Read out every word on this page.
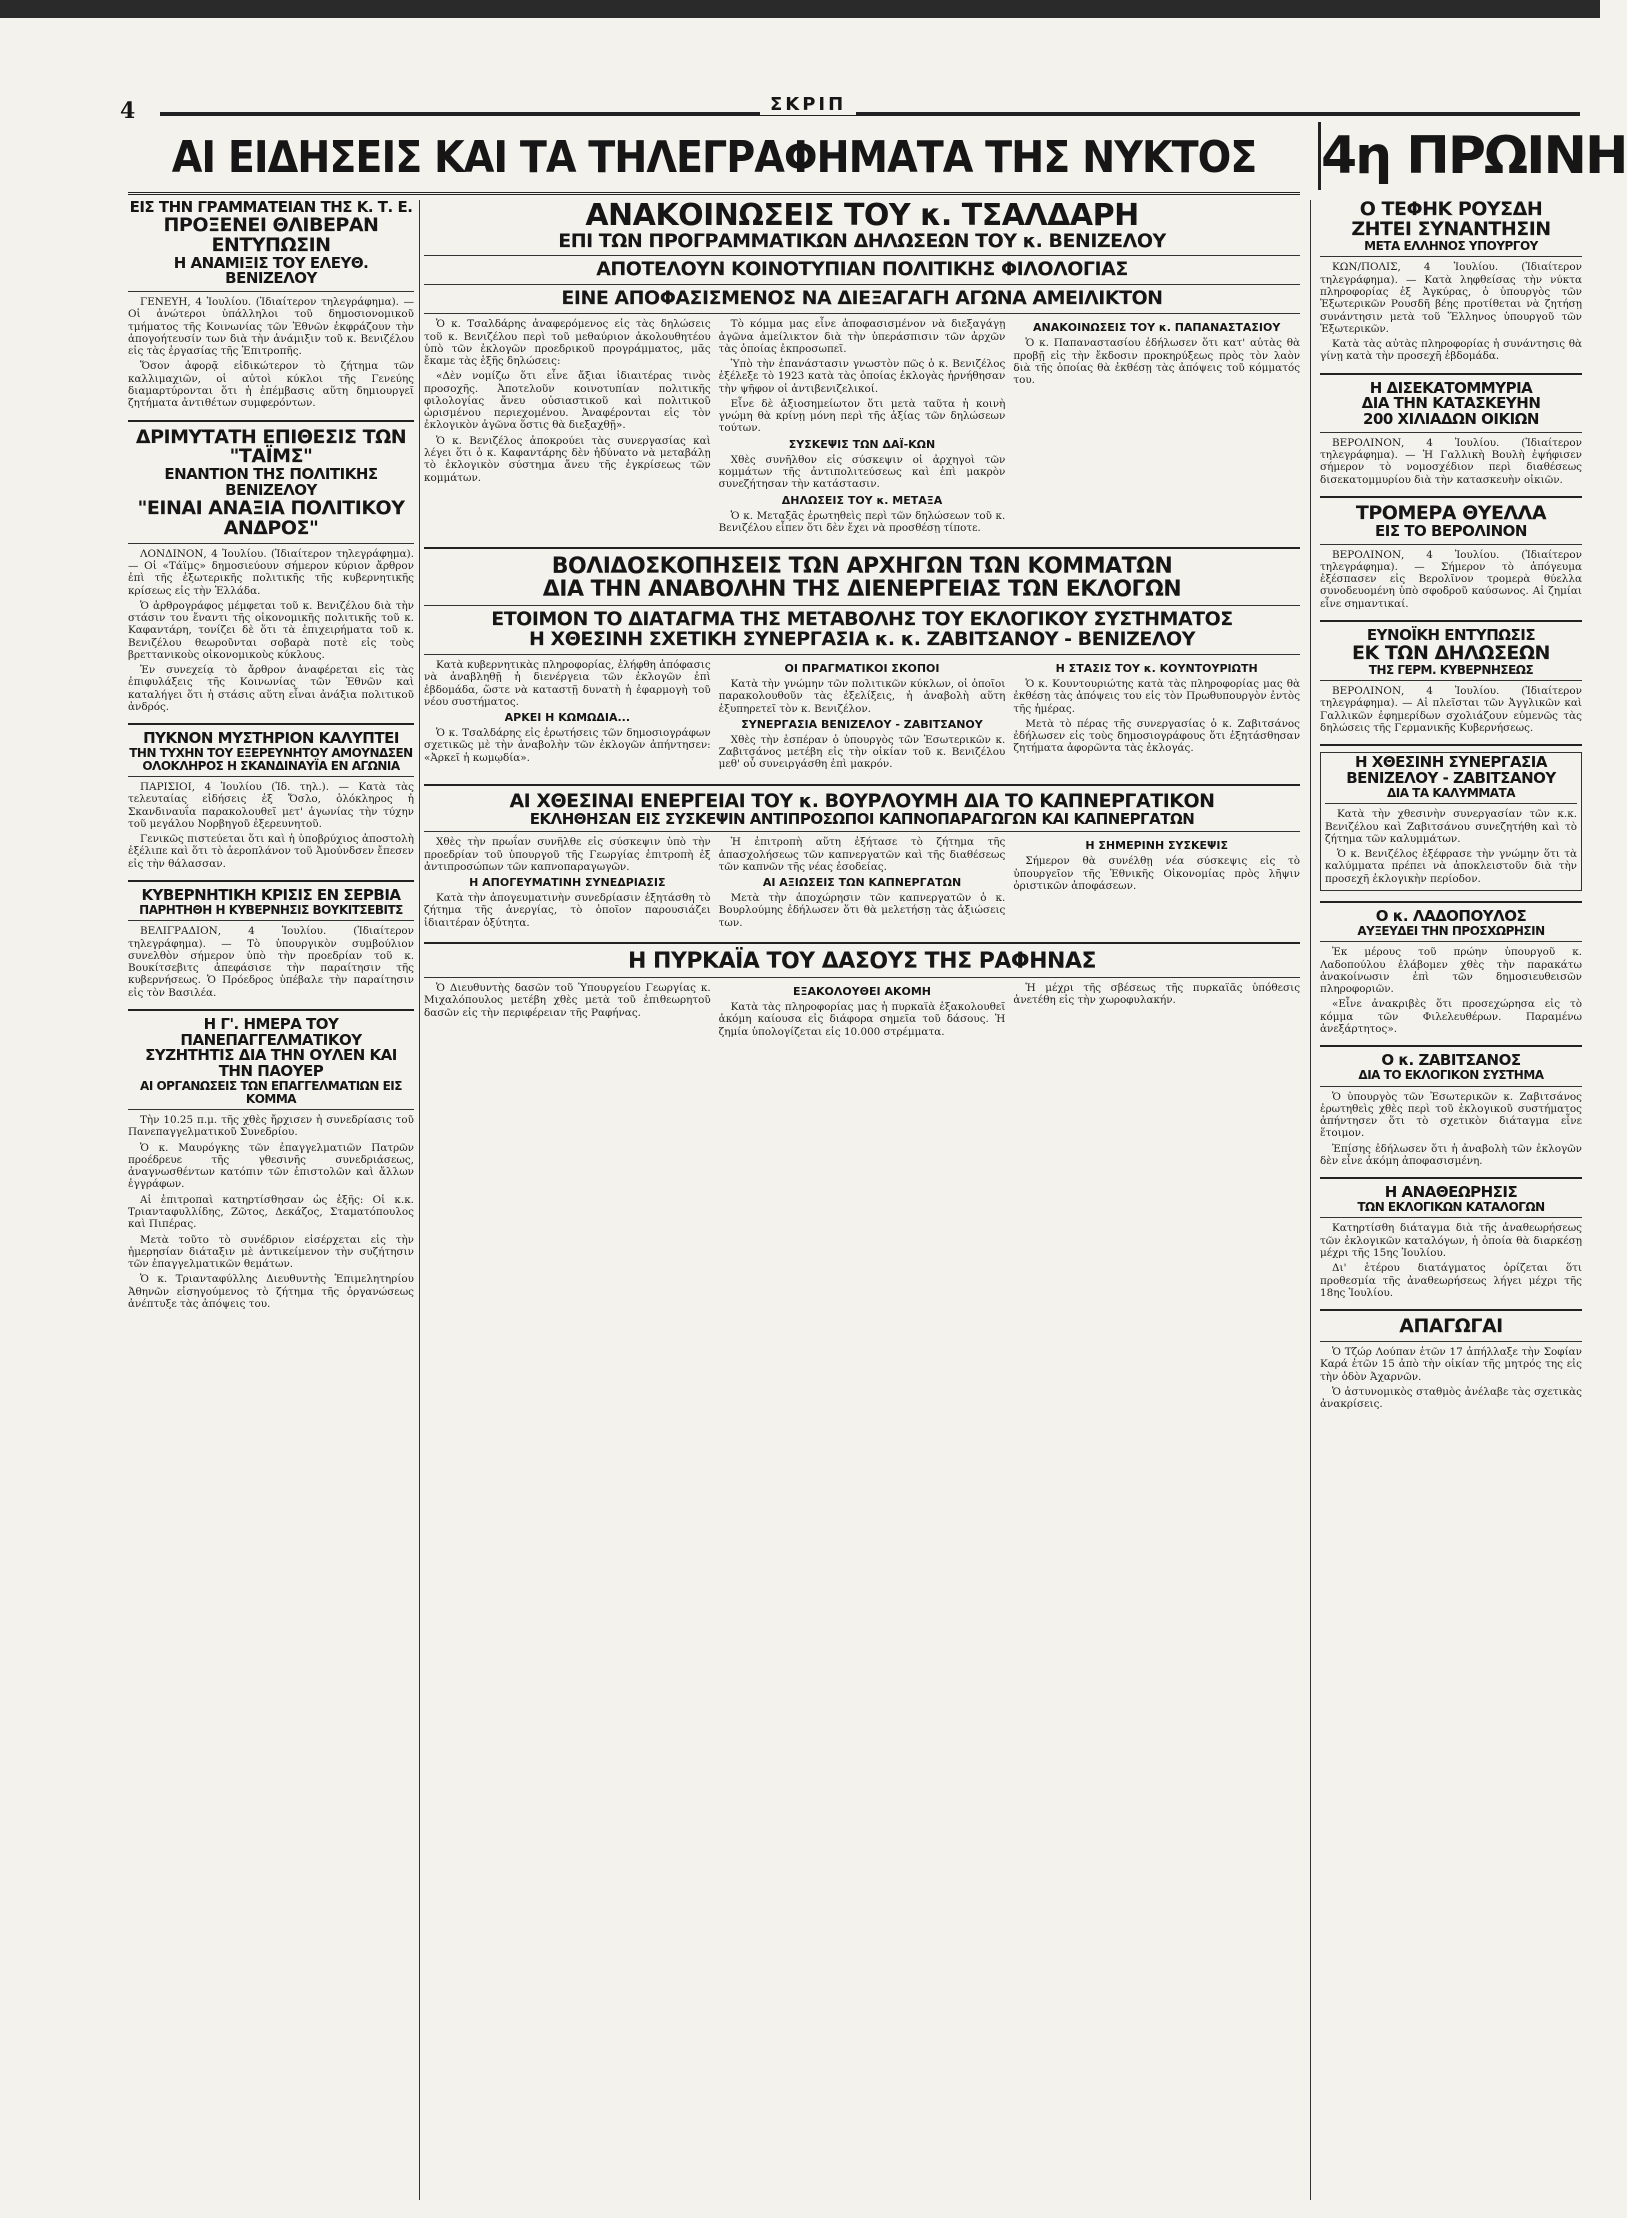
4	ΣΚΡΙΠ
ΑΙ ΕΙΔΗΣΕΙΣ ΚΑΙ ΤΑ ΤΗΛΕΓΡΑΦΗΜΑΤΑ ΤΗΣ ΝΥΚΤΟΣ	4η ΠΡΩΙΝΗ
ΕΙΣ ΤΗΝ ΓΡΑΜΜΑΤΕΙΑΝ ΤΗΣ Κ. Τ. Ε.
ΠΡΟΞΕΝΕΙ ΘΛΙΒΕΡΑΝ ΕΝΤΥΠΩΣΙΝ
Η ΑΝΑΜΙΞΙΣ ΤΟΥ ΕΛΕΥΘ. ΒΕΝΙΖΕΛΟΥ

ΓΕΝΕΥΗ, 4 Ἰουλίου. (Ἰδιαίτερον τηλεγράφημα). — Οἱ ἀνώτεροι ὑπάλληλοι τοῦ δημοσιονομικοῦ τμήματος τῆς Κοινωνίας τῶν Ἐθνῶν ἐκφράζουν τὴν ἀπογοήτευσίν των διὰ τὴν ἀνάμιξιν τοῦ κ. Βενιζέλου εἰς τὰς ἐργασίας τῆς Ἐπιτροπῆς.

Ὅσον ἀφορᾷ εἰδικώτερον τὸ ζήτημα τῶν καλλιμαχιῶν, οἱ αὐτοὶ κύκλοι τῆς Γενεύης διαμαρτύρονται ὅτι ἡ ἐπέμβασις αὕτη δημιουργεῖ ζητήματα ἀντιθέτων συμφερόντων.

ΔΡΙΜΥΤΑΤΗ ΕΠΙΘΕΣΙΣ ΤΩΝ "ΤΑΪΜΣ"
ΕΝΑΝΤΙΟΝ ΤΗΣ ΠΟΛΙΤΙΚΗΣ ΒΕΝΙΖΕΛΟΥ
"ΕΙΝΑΙ ΑΝΑΞΙΑ ΠΟΛΙΤΙΚΟΥ ΑΝΔΡΟΣ"

ΛΟΝΔΙΝΟΝ, 4 Ἰουλίου. (Ἰδιαίτερον τηλεγράφημα). — Οἱ «Τάϊμς» δημοσιεύουν σήμερον κύριον ἄρθρον ἐπὶ τῆς ἐξωτερικῆς πολιτικῆς τῆς κυβερνητικῆς κρίσεως εἰς τὴν Ἑλλάδα.

Ὁ ἀρθρογράφος μέμφεται τοῦ κ. Βενιζέλου διὰ τὴν στάσιν του ἔναντι τῆς οἰκονομικῆς πολιτικῆς τοῦ κ. Καφαντάρη, τονίζει δὲ ὅτι τὰ ἐπιχειρήματα τοῦ κ. Βενιζέλου θεωροῦνται σοβαρὰ ποτὲ εἰς τοὺς βρεττανικοὺς οἰκονομικοὺς κύκλους.

Ἐν συνεχείᾳ τὸ ἄρθρον ἀναφέρεται εἰς τὰς ἐπιφυλάξεις τῆς Κοινωνίας τῶν Ἐθνῶν καὶ καταλήγει ὅτι ἡ στάσις αὕτη εἶναι ἀνάξια πολιτικοῦ ἀνδρός.

ΠΥΚΝΟΝ ΜΥΣΤΗΡΙΟΝ ΚΑΛΥΠΤΕΙ
ΤΗΝ ΤΥΧΗΝ ΤΟΥ ΕΞΕΡΕΥΝΗΤΟΥ ΑΜΟΥΝΔΣΕΝ
ΟΛΟΚΛΗΡΟΣ Η ΣΚΑΝΔΙΝΑΥΪΑ ΕΝ ΑΓΩΝΙΑ

ΠΑΡΙΣΙΟΙ, 4 Ἰουλίου (Ἰδ. τηλ.). — Κατὰ τὰς τελευταίας εἰδήσεις ἐξ Ὄσλο, ὁλόκληρος ἡ Σκανδιναυΐα παρακολουθεῖ μετ' ἀγωνίας τὴν τύχην τοῦ μεγάλου Νορβηγοῦ ἐξερευνητοῦ.

Γενικῶς πιστεύεται ὅτι καὶ ἡ ὑποβρύχιος ἀποστολὴ ἐξέλιπε καὶ ὅτι τὸ ἀεροπλάνον τοῦ Ἀμούνδσεν ἔπεσεν εἰς τὴν θάλασσαν.

ΚΥΒΕΡΝΗΤΙΚΗ ΚΡΙΣΙΣ ΕΝ ΣΕΡΒΙΑ
ΠΑΡΗΤΗΘΗ Η ΚΥΒΕΡΝΗΣΙΣ ΒΟΥΚΙΤΣΕΒΙΤΣ

ΒΕΛΙΓΡΑΔΙΟΝ, 4 Ἰουλίου. (Ἰδιαίτερον τηλεγράφημα). — Τὸ ὑπουργικὸν συμβούλιον συνελθὸν σήμερον ὑπὸ τὴν προεδρίαν τοῦ κ. Βουκίτσεβιτς ἀπεφάσισε τὴν παραίτησιν τῆς κυβερνήσεως. Ὁ Πρόεδρος ὑπέβαλε τὴν παραίτησιν εἰς τὸν Βασιλέα.

Η Γ'. ΗΜΕΡΑ ΤΟΥ ΠΑΝΕΠΑΓΓΕΛΜΑΤΙΚΟΥ
ΣΥΖΗΤΗΤΙΣ ΔΙΑ ΤΗΝ ΟΥΛΕΝ ΚΑΙ ΤΗΝ ΠΑΟΥΕΡ
ΑΙ ΟΡΓΑΝΩΣΕΙΣ ΤΩΝ ΕΠΑΓΓΕΛΜΑΤΙΩΝ ΕΙΣ ΚΟΜΜΑ

Τὴν 10.25 π.μ. τῆς χθὲς ἤρχισεν ἡ συνεδρίασις τοῦ Πανεπαγγελματικοῦ Συνεδρίου.

Ὁ κ. Μαυρόγκης τῶν ἐπαγγελματιῶν Πατρῶν προέδρευε τῆς γθεσινῆς συνεδριάσεως, ἀναγνωσθέντων κατόπιν τῶν ἐπιστολῶν καὶ ἄλλων ἐγγράφων.

Αἱ ἐπιτροπαὶ κατηρτίσθησαν ὡς ἑξῆς: Οἱ κ.κ. Τριανταφυλλίδης, Ζῶτος, Δεκάζος, Σταματόπουλος καὶ Πιπέρας.

Μετὰ τοῦτο τὸ συνέδριον εἰσέρχεται εἰς τὴν ἡμερησίαν διάταξιν μὲ ἀντικείμενον τὴν συζήτησιν τῶν ἐπαγγελματικῶν θεμάτων.

Ὁ κ. Τριανταφύλλης Διευθυντὴς Ἐπιμελητηρίου Ἀθηνῶν εἰσηγούμενος τὸ ζήτημα τῆς ὀργανώσεως ἀνέπτυξε τὰς ἀπόψεις του.

ΑΝΑΚΟΙΝΩΣΕΙΣ ΤΟΥ κ. ΤΣΑΛΔΑΡΗ
ΕΠΙ ΤΩΝ ΠΡΟΓΡΑΜΜΑΤΙΚΩΝ ΔΗΛΩΣΕΩΝ ΤΟΥ κ. ΒΕΝΙΖΕΛΟΥ
ΑΠΟΤΕΛΟΥΝ ΚΟΙΝΟΤΥΠΙΑΝ ΠΟΛΙΤΙΚΗΣ ΦΙΛΟΛΟΓΙΑΣ
ΕΙΝΕ ΑΠΟΦΑΣΙΣΜΕΝΟΣ ΝΑ ΔΙΕΞΑΓΑΓΗ ΑΓΩΝΑ ΑΜΕΙΛΙΚΤΟΝ

Ὁ κ. Τσαλδάρης ἀναφερόμενος εἰς τὰς δηλώσεις τοῦ κ. Βενιζέλου περὶ τοῦ μεθαύριον ἀκολουθητέου ὑπὸ τῶν ἐκλογῶν προεδρικοῦ προγράμματος, μᾶς ἔκαμε τὰς ἑξῆς δηλώσεις:

«Δὲν νομίζω ὅτι εἶνε ἄξιαι ἰδιαιτέρας τινὸς προσοχῆς. Ἀποτελοῦν κοινοτυπίαν πολιτικῆς φιλολογίας ἄνευ οὐσιαστικοῦ καὶ πολιτικοῦ ὡρισμένου περιεχομένου. Ἀναφέρονται εἰς τὸν ἐκλογικὸν ἀγῶνα ὅστις θὰ διεξαχθῇ».

Ὁ κ. Βενιζέλος ἀποκρούει τὰς συνεργασίας καὶ λέγει ὅτι ὁ κ. Καφαντάρης δὲν ἠδύνατο νὰ μεταβάλῃ τὸ ἐκλογικὸν σύστημα ἄνευ τῆς ἐγκρίσεως τῶν κομμάτων.

Τὸ κόμμα μας εἶνε ἀποφασισμένον νὰ διεξαγάγῃ ἀγῶνα ἀμείλικτον διὰ τὴν ὑπεράσπισιν τῶν ἀρχῶν τὰς ὁποίας ἐκπροσωπεῖ.

Ὑπὸ τὴν ἐπανάστασιν γνωστὸν πῶς ὁ κ. Βενιζέλος ἐξέλεξε τὸ 1923 κατὰ τὰς ὁποίας ἐκλογὰς ἠρνήθησαν τὴν ψῆφον οἱ ἀντιβενιζελικοί.

Εἶνε δὲ ἀξιοσημείωτον ὅτι μετὰ ταῦτα ἡ κοινὴ γνώμη θὰ κρίνῃ μόνη περὶ τῆς ἀξίας τῶν δηλώσεων τούτων.

ΣΥΣΚΕΨΙΣ ΤΩΝ ΔΑΪ-ΚΩΝ

Χθὲς συνῆλθον εἰς σύσκεψιν οἱ ἀρχηγοὶ τῶν κομμάτων τῆς ἀντιπολιτεύσεως καὶ ἐπὶ μακρὸν συνεζήτησαν τὴν κατάστασιν.

ΔΗΛΩΣΕΙΣ ΤΟΥ κ. ΜΕΤΑΞΑ

Ὁ κ. Μεταξᾶς ἐρωτηθεὶς περὶ τῶν δηλώσεων τοῦ κ. Βενιζέλου εἶπεν ὅτι δὲν ἔχει νὰ προσθέσῃ τίποτε.

ΑΝΑΚΟΙΝΩΣΕΙΣ ΤΟΥ κ. ΠΑΠΑΝΑΣΤΑΣΙΟΥ

Ὁ κ. Παπαναστασίου ἐδήλωσεν ὅτι κατ' αὐτὰς θὰ προβῇ εἰς τὴν ἔκδοσιν προκηρύξεως πρὸς τὸν λαὸν διὰ τῆς ὁποίας θὰ ἐκθέσῃ τὰς ἀπόψεις τοῦ κόμματός του.

ΒΟΛΙΔΟΣΚΟΠΗΣΕΙΣ ΤΩΝ ΑΡΧΗΓΩΝ ΤΩΝ ΚΟΜΜΑΤΩΝ
ΔΙΑ ΤΗΝ ΑΝΑΒΟΛΗΝ ΤΗΣ ΔΙΕΝΕΡΓΕΙΑΣ ΤΩΝ ΕΚΛΟΓΩΝ
ΕΤΟΙΜΟΝ ΤΟ ΔΙΑΤΑΓΜΑ ΤΗΣ ΜΕΤΑΒΟΛΗΣ ΤΟΥ ΕΚΛΟΓΙΚΟΥ ΣΥΣΤΗΜΑΤΟΣ
Η ΧΘΕΣΙΝΗ ΣΧΕΤΙΚΗ ΣΥΝΕΡΓΑΣΙΑ κ. κ. ΖΑΒΙΤΣΑΝΟΥ - ΒΕΝΙΖΕΛΟΥ

Κατὰ κυβερνητικὰς πληροφορίας, ἐλήφθη ἀπόφασις νὰ ἀναβληθῇ ἡ διενέργεια τῶν ἐκλογῶν ἐπὶ ἐβδομάδα, ὥστε νὰ καταστῇ δυνατὴ ἡ ἐφαρμογὴ τοῦ νέου συστήματος.

ΑΡΚΕΙ Η ΚΩΜΩΔΙΑ...

Ὁ κ. Τσαλδάρης εἰς ἐρωτήσεις τῶν δημοσιογράφων σχετικῶς μὲ τὴν ἀναβολὴν τῶν ἐκλογῶν ἀπήντησεν: «Ἀρκεῖ ἡ κωμῳδία».

ΟΙ ΠΡΑΓΜΑΤΙΚΟΙ ΣΚΟΠΟΙ

Κατὰ τὴν γνώμην τῶν πολιτικῶν κύκλων, οἱ ὁποῖοι παρακολουθοῦν τὰς ἐξελίξεις, ἡ ἀναβολὴ αὕτη ἐξυπηρετεῖ τὸν κ. Βενιζέλον.

ΣΥΝΕΡΓΑΣΙΑ ΒΕΝΙΖΕΛΟΥ - ΖΑΒΙΤΣΑΝΟΥ

Χθὲς τὴν ἑσπέραν ὁ ὑπουργὸς τῶν Ἐσωτερικῶν κ. Ζαβιτσάνος μετέβη εἰς τὴν οἰκίαν τοῦ κ. Βενιζέλου μεθ' οὗ συνειργάσθη ἐπὶ μακρόν.

Η ΣΤΑΣΙΣ ΤΟΥ κ. ΚΟΥΝΤΟΥΡΙΩΤΗ

Ὁ κ. Κουντουριώτης κατὰ τὰς πληροφορίας μας θὰ ἐκθέσῃ τὰς ἀπόψεις του εἰς τὸν Πρωθυπουργὸν ἐντὸς τῆς ἡμέρας.

Μετὰ τὸ πέρας τῆς συνεργασίας ὁ κ. Ζαβιτσάνος ἐδήλωσεν εἰς τοὺς δημοσιογράφους ὅτι ἐξητάσθησαν ζητήματα ἀφορῶντα τὰς ἐκλογάς.

ΑΙ ΧΘΕΣΙΝΑΙ ΕΝΕΡΓΕΙΑΙ ΤΟΥ κ. ΒΟΥΡΛΟΥΜΗ ΔΙΑ ΤΟ ΚΑΠΝΕΡΓΑΤΙΚΟΝ
ΕΚΛΗΘΗΣΑΝ ΕΙΣ ΣΥΣΚΕΨΙΝ ΑΝΤΙΠΡΟΣΩΠΟΙ ΚΑΠΝΟΠΑΡΑΓΩΓΩΝ ΚΑΙ ΚΑΠΝΕΡΓΑΤΩΝ

Χθὲς τὴν πρωΐαν συνῆλθε εἰς σύσκεψιν ὑπὸ τὴν προεδρίαν τοῦ ὑπουργοῦ τῆς Γεωργίας ἐπιτροπὴ ἐξ ἀντιπροσώπων τῶν καπνοπαραγωγῶν.

Η ΑΠΟΓΕΥΜΑΤΙΝΗ ΣΥΝΕΔΡΙΑΣΙΣ

Κατὰ τὴν ἀπογευματινὴν συνεδρίασιν ἐξητάσθη τὸ ζήτημα τῆς ἀνεργίας, τὸ ὁποῖον παρουσιάζει ἰδιαιτέραν ὀξύτητα.

Ἡ ἐπιτροπὴ αὕτη ἐξήτασε τὸ ζήτημα τῆς ἀπασχολήσεως τῶν καπνεργατῶν καὶ τῆς διαθέσεως τῶν καπνῶν τῆς νέας ἐσοδείας.

ΑΙ ΑΞΙΩΣΕΙΣ ΤΩΝ ΚΑΠΝΕΡΓΑΤΩΝ

Μετὰ τὴν ἀποχώρησιν τῶν καπνεργατῶν ὁ κ. Βουρλούμης ἐδήλωσεν ὅτι θὰ μελετήσῃ τὰς ἀξιώσεις των.

Η ΣΗΜΕΡΙΝΗ ΣΥΣΚΕΨΙΣ

Σήμερον θὰ συνέλθῃ νέα σύσκεψις εἰς τὸ ὑπουργεῖον τῆς Ἐθνικῆς Οἰκονομίας πρὸς λῆψιν ὁριστικῶν ἀποφάσεων.

Η ΠΥΡΚΑΪΑ ΤΟΥ ΔΑΣΟΥΣ ΤΗΣ ΡΑΦΗΝΑΣ

Ὁ Διευθυντὴς δασῶν τοῦ Ὑπουργείου Γεωργίας κ. Μιχαλόπουλος μετέβη χθὲς μετὰ τοῦ ἐπιθεωρητοῦ δασῶν εἰς τὴν περιφέρειαν τῆς Ραφήνας.

ΕΞΑΚΟΛΟΥΘΕΙ ΑΚΟΜΗ

Κατὰ τὰς πληροφορίας μας ἡ πυρκαϊὰ ἐξακολουθεῖ ἀκόμη καίουσα εἰς διάφορα σημεῖα τοῦ δάσους. Ἡ ζημία ὑπολογίζεται εἰς 10.000 στρέμματα.

Ἡ μέχρι τῆς σβέσεως τῆς πυρκαϊᾶς ὑπόθεσις ἀνετέθη εἰς τὴν χωροφυλακήν.

Ο ΤΕΦΗΚ ΡΟΥΣΔΗ
ΖΗΤΕΙ ΣΥΝΑΝΤΗΣΙΝ
ΜΕΤΑ ΕΛΛΗΝΟΣ ΥΠΟΥΡΓΟΥ

ΚΩΝ/ΠΟΛΙΣ, 4 Ἰουλίου. (Ἰδιαίτερον τηλεγράφημα). — Κατὰ ληφθείσας τὴν νύκτα πληροφορίας ἐξ Ἀγκύρας, ὁ ὑπουργὸς τῶν Ἐξωτερικῶν Ρουσδῆ βέης προτίθεται νὰ ζητήσῃ συνάντησιν μετὰ τοῦ Ἕλληνος ὑπουργοῦ τῶν Ἐξωτερικῶν.

Κατὰ τὰς αὐτὰς πληροφορίας ἡ συνάντησις θὰ γίνῃ κατὰ τὴν προσεχῆ ἑβδομάδα.

Η ΔΙΣΕΚΑΤΟΜΜΥΡΙΑ
ΔΙΑ ΤΗΝ ΚΑΤΑΣΚΕΥΗΝ
200 ΧΙΛΙΑΔΩΝ ΟΙΚΙΩΝ

ΒΕΡΟΛΙΝΟΝ, 4 Ἰουλίου. (Ἰδιαίτερον τηλεγράφημα). — Ἡ Γαλλικὴ Βουλὴ ἐψήφισεν σήμερον τὸ νομοσχέδιον περὶ διαθέσεως δισεκατομμυρίου διὰ τὴν κατασκευὴν οἰκιῶν.

ΤΡΟΜΕΡΑ ΘΥΕΛΛΑ
ΕΙΣ ΤΟ ΒΕΡΟΛΙΝΟΝ

ΒΕΡΟΛΙΝΟΝ, 4 Ἰουλίου. (Ἰδιαίτερον τηλεγράφημα). — Σήμερον τὸ ἀπόγευμα ἐξέσπασεν εἰς Βερολῖνον τρομερὰ θύελλα συνοδευομένη ὑπὸ σφοδροῦ καύσωνος. Αἱ ζημίαι εἶνε σημαντικαί.

ΕΥΝΟΪΚΗ ΕΝΤΥΠΩΣΙΣ
ΕΚ ΤΩΝ ΔΗΛΩΣΕΩΝ
ΤΗΣ ΓΕΡΜ. ΚΥΒΕΡΝΗΣΕΩΣ

ΒΕΡΟΛΙΝΟΝ, 4 Ἰουλίου. (Ἰδιαίτερον τηλεγράφημα). — Αἱ πλεῖσται τῶν Ἀγγλικῶν καὶ Γαλλικῶν ἐφημερίδων σχολιάζουν εὐμενῶς τὰς δηλώσεις τῆς Γερμανικῆς Κυβερνήσεως.

Η ΧΘΕΣΙΝΗ ΣΥΝΕΡΓΑΣΙΑ
ΒΕΝΙΖΕΛΟΥ - ΖΑΒΙΤΣΑΝΟΥ
ΔΙΑ ΤΑ ΚΑΛΥΜΜΑΤΑ

Κατὰ τὴν χθεσινὴν συνεργασίαν τῶν κ.κ. Βενιζέλου καὶ Ζαβιτσάνου συνεζητήθη καὶ τὸ ζήτημα τῶν καλυμμάτων.

Ὁ κ. Βενιζέλος ἐξέφρασε τὴν γνώμην ὅτι τὰ καλύμματα πρέπει νὰ ἀποκλειστοῦν διὰ τὴν προσεχῆ ἐκλογικὴν περίοδον.

Ο κ. ΛΑΔΟΠΟΥΛΟΣ
ΑΥΞΕΥΔΕΙ ΤΗΝ ΠΡΟΣΧΩΡΗΣΙΝ

Ἐκ μέρους τοῦ πρώην ὑπουργοῦ κ. Λαδοπούλου ἐλάβομεν χθὲς τὴν παρακάτω ἀνακοίνωσιν ἐπὶ τῶν δημοσιευθεισῶν πληροφοριῶν.

«Εἶνε ἀνακριβὲς ὅτι προσεχώρησα εἰς τὸ κόμμα τῶν Φιλελευθέρων. Παραμένω ἀνεξάρτητος».

Ο κ. ΖΑΒΙΤΣΑΝΟΣ
ΔΙΑ ΤΟ ΕΚΛΟΓΙΚΟΝ ΣΥΣΤΗΜΑ

Ὁ ὑπουργὸς τῶν Ἐσωτερικῶν κ. Ζαβιτσάνος ἐρωτηθεὶς χθὲς περὶ τοῦ ἐκλογικοῦ συστήματος ἀπήντησεν ὅτι τὸ σχετικὸν διάταγμα εἶνε ἕτοιμον.

Ἐπίσης ἐδήλωσεν ὅτι ἡ ἀναβολὴ τῶν ἐκλογῶν δὲν εἶνε ἀκόμη ἀποφασισμένη.

Η ΑΝΑΘΕΩΡΗΣΙΣ
ΤΩΝ ΕΚΛΟΓΙΚΩΝ ΚΑΤΑΛΟΓΩΝ

Κατηρτίσθη διάταγμα διὰ τῆς ἀναθεωρήσεως τῶν ἐκλογικῶν καταλόγων, ἡ ὁποία θὰ διαρκέσῃ μέχρι τῆς 15ης Ἰουλίου.

Δι' ἑτέρου διατάγματος ὁρίζεται ὅτι προθεσμία τῆς ἀναθεωρήσεως λήγει μέχρι τῆς 18ης Ἰουλίου.

ΑΠΑΓΩΓΑΙ

Ὁ Τζώρ Λούπαν ἐτῶν 17 ἀπήλλαξε τὴν Σοφίαν Καρά ἐτῶν 15 ἀπὸ τὴν οἰκίαν τῆς μητρός της εἰς τὴν ὁδὸν Ἀχαρνῶν.

Ὁ ἀστυνομικὸς σταθμὸς ἀνέλαβε τὰς σχετικὰς ἀνακρίσεις.
